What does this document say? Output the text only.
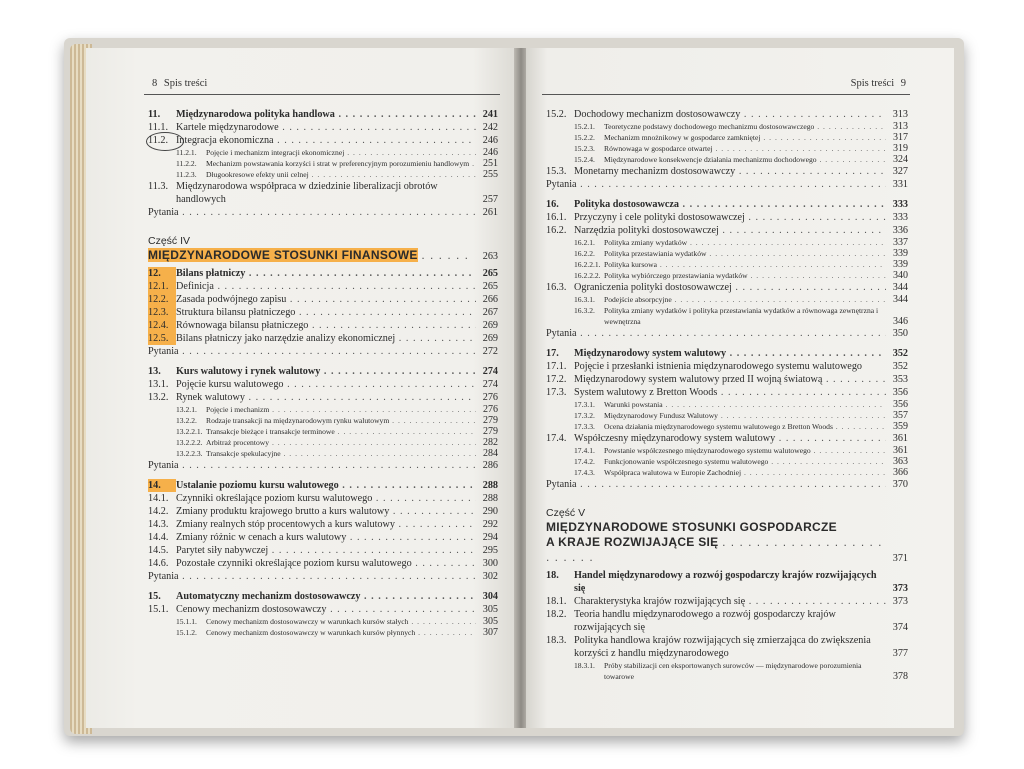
8 Spis treści
11.	Międzynarodowa polityka handlowa . . .	241
11.1. Kartele międzynarodowe . . .	242
11.2. Integracja ekonomiczna . . .	246
11.2.1.	Pojęcie i mechanizm integracji ekonomicznej . . .	246
11.2.2.	Mechanizm powstawania korzyści i strat w preferencyjnym porozumieniu handlowym . . .	251
11.2.3.	Długookresowe efekty unii celnej . . .	255
11.3. Międzynarodowa współpraca w dziedzinie liberalizacji obrotów handlowych	257
Pytania . . .	261
Część IV
MIĘDZYNARODOWE STOSUNKI FINANSOWE . . . . . .	263
12.	Bilans płatniczy . . .	265
12.1. Definicja . . .	265
12.2. Zasada podwójnego zapisu . . .	266
12.3. Struktura bilansu płatniczego . . .	267
12.4. Równowaga bilansu płatniczego . . .	269
12.5. Bilans płatniczy jako narzędzie analizy ekonomicznej . . .	269
Pytania . . .	272
13.	Kurs walutowy i rynek walutowy . . .	274
13.1. Pojęcie kursu walutowego . . .	274
13.2. Rynek walutowy . . .	276
13.2.1.	Pojęcie i mechanizm . . .	276
13.2.2.	Rodzaje transakcji na międzynarodowym rynku walutowym . . .	279
13.2.2.1. Transakcje bieżące i transakcje terminowe . . .	279
13.2.2.2. Arbitraż procentowy . . .	282
13.2.2.3. Transakcje spekulacyjne . . .	284
Pytania . . .	286
14.	Ustalanie poziomu kursu walutowego . . .	288
14.1. Czynniki określające poziom kursu walutowego . . .	288
14.2. Zmiany produktu krajowego brutto a kurs walutowy . . .	290
14.3. Zmiany realnych stóp procentowych a kurs walutowy . . .	292
14.4. Zmiany różnic w cenach a kurs walutowy . . .	294
14.5. Parytet siły nabywczej . . .	295
14.6. Pozostałe czynniki określające poziom kursu walutowego . . .	300
Pytania . . .	302
15.	Automatyczny mechanizm dostosowawczy . . .	304
15.1. Cenowy mechanizm dostosowawczy . . .	305
15.1.1.	Cenowy mechanizm dostosowawczy w warunkach kursów stałych . . .	305
15.1.2.	Cenowy mechanizm dostosowawczy w warunkach kursów płynnych . . .	307
Spis treści 9
15.2. Dochodowy mechanizm dostosowawczy . . .	313
15.2.1.	Teoretyczne podstawy dochodowego mechanizmu dostosowawczego . . .	313
15.2.2.	Mechanizm mnożnikowy w gospodarce zamkniętej . . .	317
15.2.3.	Równowaga w gospodarce otwartej . . .	319
15.2.4.	Międzynarodowe konsekwencje działania mechanizmu dochodowego . . .	324
15.3. Monetarny mechanizm dostosowawczy . . .	327
Pytania . . .	331
16.	Polityka dostosowawcza . . .	333
16.1. Przyczyny i cele polityki dostosowawczej . . .	333
16.2. Narzędzia polityki dostosowawczej . . .	336
16.2.1.	Polityka zmiany wydatków . . .	337
16.2.2.	Polityka przestawiania wydatków . . .	339
16.2.2.1. Polityka kursowa . . .	339
16.2.2.2. Polityka wybiórczego przestawiania wydatków . . .	340
16.3. Ograniczenia polityki dostosowawczej . . .	344
16.3.1.	Podejście absorpcyjne . . .	344
16.3.2.	Polityka zmiany wydatków i polityka przestawiania wydatków a równowaga zewnętrzna i wewnętrzna	346
Pytania . . .	350
17.	Międzynarodowy system walutowy . . .	352
17.1. Pojęcie i przesłanki istnienia międzynarodowego systemu walutowego	352
17.2. Międzynarodowy system walutowy przed II wojną światową . . .	353
17.3. System walutowy z Bretton Woods . . .	356
17.3.1.	Warunki powstania . . .	356
17.3.2.	Międzynarodowy Fundusz Walutowy . . .	357
17.3.3.	Ocena działania międzynarodowego systemu walutowego z Bretton Woods . . .	359
17.4. Współczesny międzynarodowy system walutowy . . .	361
17.4.1.	Powstanie współczesnego międzynarodowego systemu walutowego . . .	361
17.4.2.	Funkcjonowanie współczesnego systemu walutowego . . .	363
17.4.3.	Współpraca walutowa w Europie Zachodniej . . .	366
Pytania . . .	370
Część V
MIĘDZYNARODOWE STOSUNKI GOSPODARCZE
A KRAJE ROZWIJAJĄCE SIĘ . . . . . . . . . . . . . . . . . . . . . . . . .	371
18.	Handel międzynarodowy a rozwój gospodarczy krajów rozwijających się	373
18.1. Charakterystyka krajów rozwijających się . . .	373
18.2. Teoria handlu międzynarodowego a rozwój gospodarczy krajów rozwijających się	374
18.3. Polityka handlowa krajów rozwijających się zmierzająca do zwiększenia korzyści z handlu międzynarodowego	377
18.3.1.	Próby stabilizacji cen eksportowanych surowców — międzynarodowe porozumienia towarowe	378
